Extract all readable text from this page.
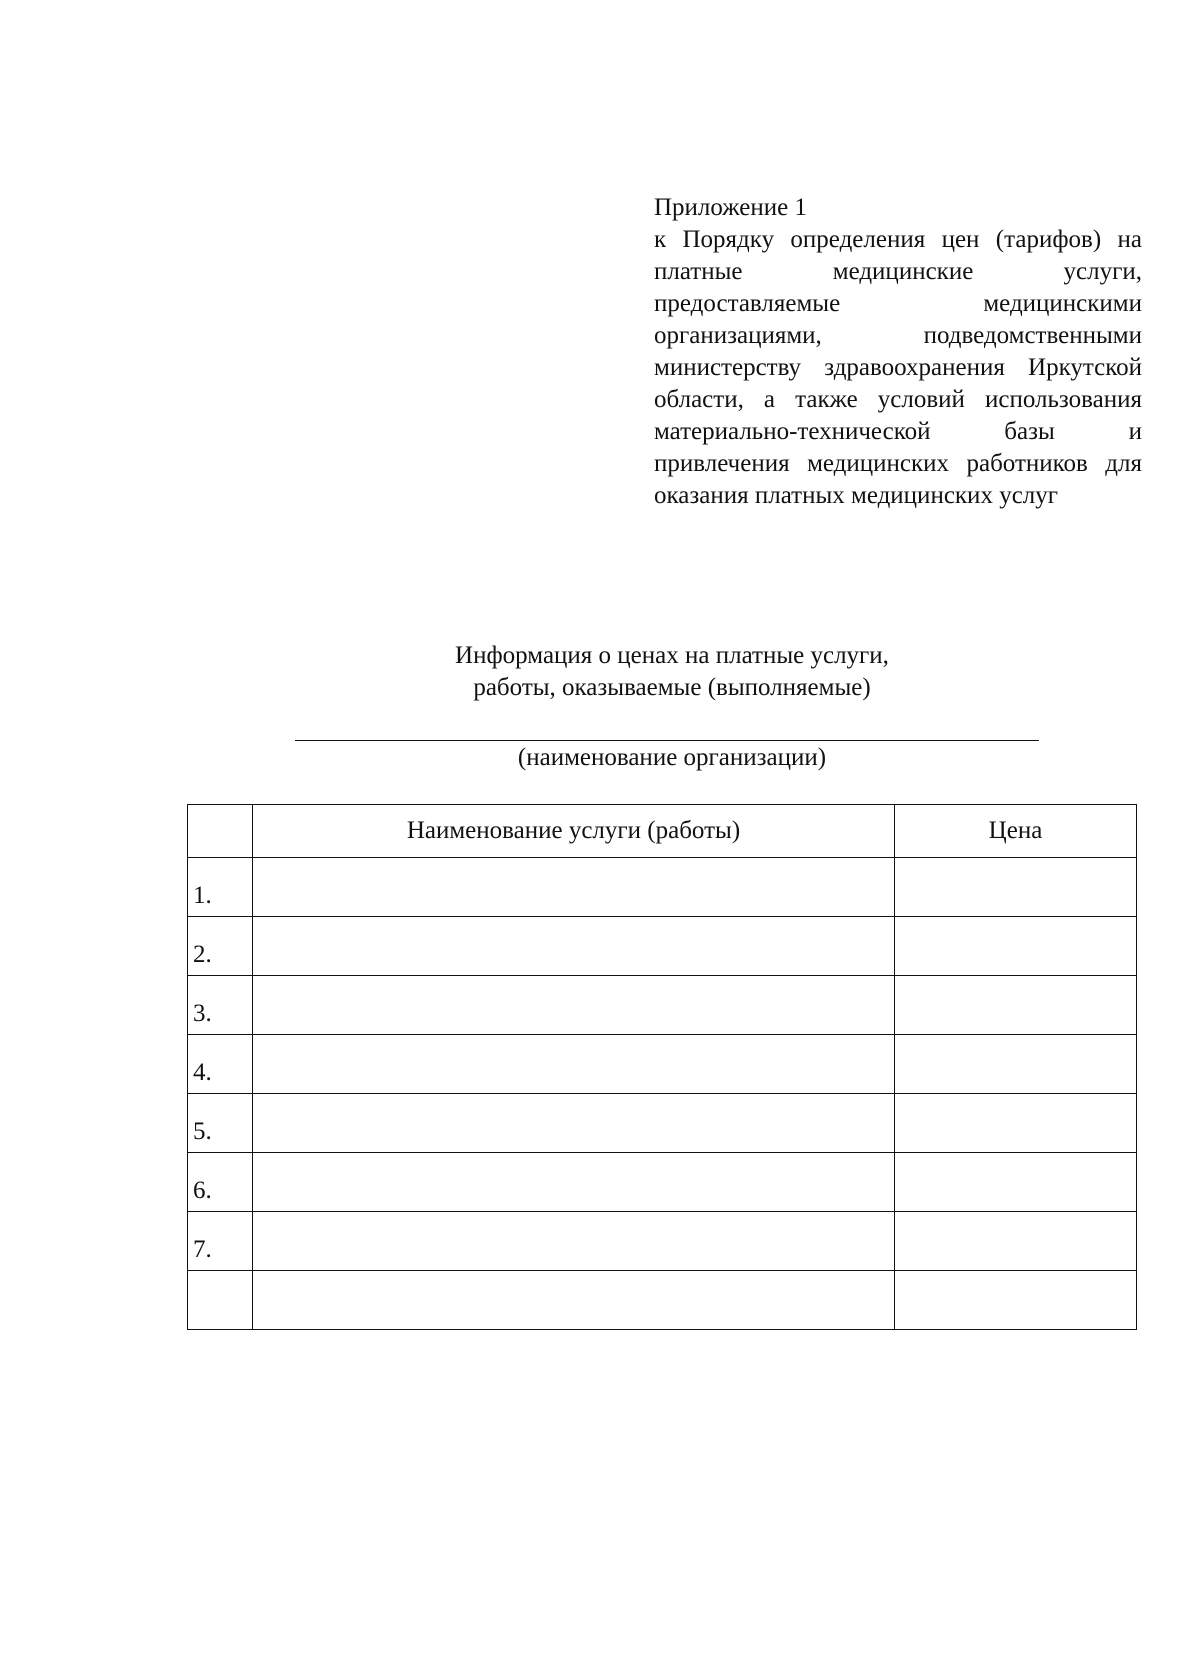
Приложение 1
к Порядку определения цен (тарифов) на платные медицинские услуги, предоставляемые медицинскими организациями, подведомственными министерству здравоохранения Иркутской области, а также условий использования материально-технической базы и привлечения медицинских работников для оказания платных медицинских услуг
Информация о ценах на платные услуги,
работы, оказываемые (выполняемые)
(наименование организации)
	Наименование услуги (работы)	Цена
1.		
2.		
3.		
4.		
5.		
6.		
7.		
